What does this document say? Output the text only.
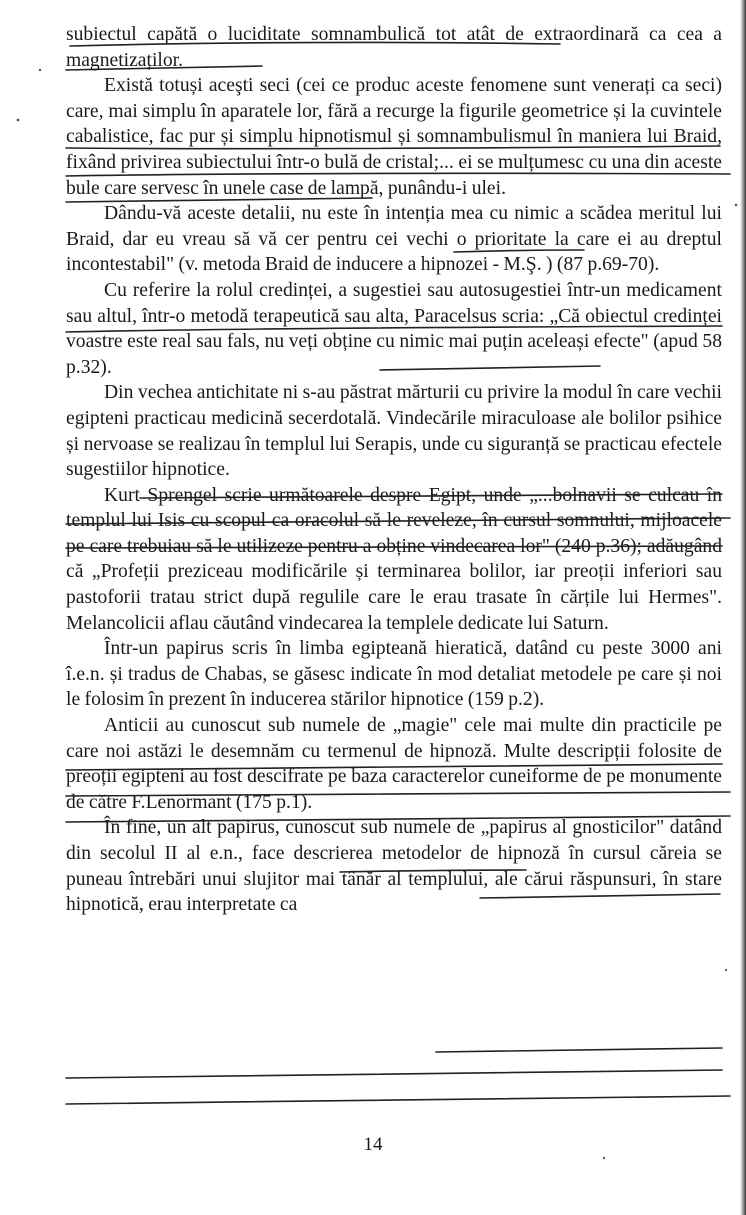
subiectul capătă o luciditate somnambulică tot atât de extraordinară ca cea a magnetizaților.

Există totuși aceşti seci (cei ce produc aceste fenomene sunt venerați ca seci) care, mai simplu în aparatele lor, fără a recurge la figurile geometrice și la cuvintele cabalistice, fac pur și simplu hipnotismul și somnambulismul în maniera lui Braid, fixând privirea subiectului într-o bulă de cristal;... ei se mulțumesc cu una din aceste bule care servesc în unele case de lampă, punându-i ulei.

Dându-vă aceste detalii, nu este în intenția mea cu nimic a scădea meritul lui Braid, dar eu vreau să vă cer pentru cei vechi o prioritate la care ei au dreptul incontestabil" (v. metoda Braid de inducere a hipnozei - M.Ş. ) (87 p.69-70).

Cu referire la rolul credinței, a sugestiei sau autosugestiei într-un medicament sau altul, într-o metodă terapeutică sau alta, Paracelsus scria: „Că obiectul credinței voastre este real sau fals, nu veți obține cu nimic mai puțin aceleași efecte" (apud 58 p.32).

Din vechea antichitate ni s-au păstrat mărturii cu privire la modul în care vechii egipteni practicau medicină secerdotală. Vindecările miraculoase ale bolilor psihice și nervoase se realizau în templul lui Serapis, unde cu siguranță se practicau efectele sugestiilor hipnotice.

Kurt Sprengel scrie următoarele despre Egipt, unde „...bolnavii se culcau în templul lui Isis cu scopul ca oracolul să le reveleze, în cursul somnului, mijloacele pe care trebuiau să le utilizeze pentru a obține vindecarea lor" (240 p.36); adăugând că „Profeții preziceau modificările și terminarea bolilor, iar preoții inferiori sau pastoforii tratau strict după regulile care le erau trasate în cărțile lui Hermes". Melancolicii aflau căutând vindecarea la templele dedicate lui Saturn.

Într-un papirus scris în limba egipteană hieratică, datând cu peste 3000 ani î.e.n. și tradus de Chabas, se găsesc indicate în mod detaliat metodele pe care și noi le folosim în prezent în inducerea stărilor hipnotice (159 p.2).

Anticii au cunoscut sub numele de „magie" cele mai multe din practicile pe care noi astăzi le desemnăm cu termenul de hipnoză. Multe descripții folosite de preoții egipteni au fost descifrate pe baza caracterelor cuneiforme de pe monumente de către F.Lenormant (175 p.1).

În fine, un alt papirus, cunoscut sub numele de „papirus al gnosticilor" datând din secolul II al e.n., face descrierea metodelor de hipnoză în cursul căreia se puneau întrebări unui slujitor mai tânăr al templului, ale cărui răspunsuri, în stare hipnotică, erau interpretate ca

14
